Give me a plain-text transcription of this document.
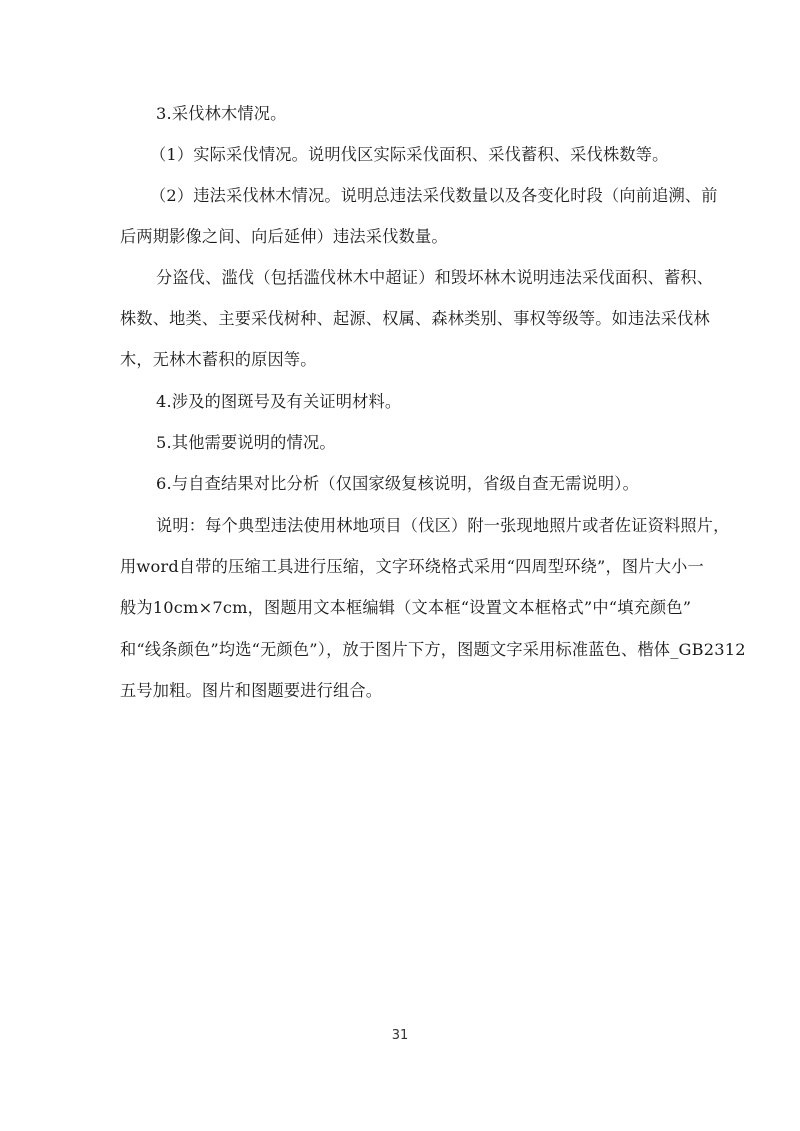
3.采伐林木情况。
（1）实际采伐情况。说明伐区实际采伐面积、采伐蓄积、采伐株数等。
（2）违法采伐林木情况。说明总违法采伐数量以及各变化时段（向前追溯、前
后两期影像之间、向后延伸）违法采伐数量。
分盗伐、滥伐（包括滥伐林木中超证）和毁坏林木说明违法采伐面积、蓄积、
株数、地类、主要采伐树种、起源、权属、森林类别、事权等级等。如违法采伐林
木，无林木蓄积的原因等。
4.涉及的图斑号及有关证明材料。
5.其他需要说明的情况。
6.与自查结果对比分析（仅国家级复核说明，省级自查无需说明）。
说明：每个典型违法使用林地项目（伐区）附一张现地照片或者佐证资料照片，
用word自带的压缩工具进行压缩，文字环绕格式采用“四周型环绕”，图片大小一
般为10cm×7cm，图题用文本框编辑（文本框“设置文本框格式”中“填充颜色”
和“线条颜色”均选“无颜色”），放于图片下方，图题文字采用标准蓝色、楷体_GB2312
五号加粗。图片和图题要进行组合。
31
